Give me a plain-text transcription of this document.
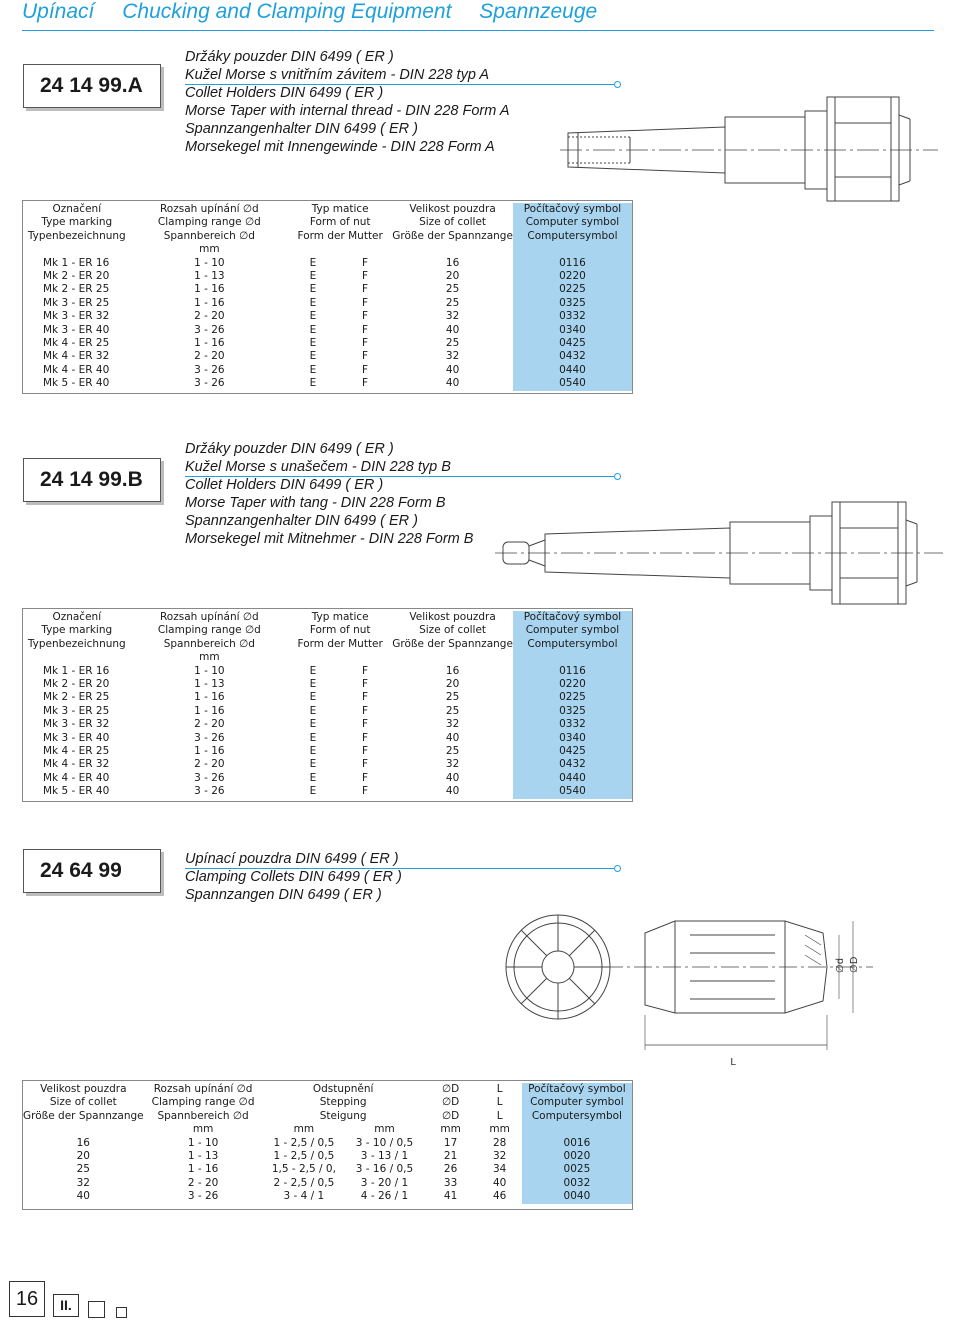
Upínací Chucking and Clamping Equipment Spannzeuge
24 14 99.A
Držáky pouzder DIN 6499 ( ER )
Kužel Morse s vnitřním závitem - DIN 228 typ A
Collet Holders DIN 6499 ( ER )
Morse Taper with internal thread - DIN 228 Form A
Spannzangenhalter DIN 6499 ( ER )
Morsekegel mit Innengewinde - DIN 228 Form A
Označení	Rozsah upínání ∅d	Typ matice		Velikost pouzdra	Počítačový symbol
Type marking	Clamping range ∅d	Form of nut		Size of collet	Computer symbol
Typenbezeichnung	Spannbereich ∅d	Form der Mutter		Größe der Spannzange	Computersymbol
	mm				
Mk 1 - ER 16	1 - 10	E	F	16	0116
Mk 2 - ER 20	1 - 13	E	F	20	0220
Mk 2 - ER 25	1 - 16	E	F	25	0225
Mk 3 - ER 25	1 - 16	E	F	25	0325
Mk 3 - ER 32	2 - 20	E	F	32	0332
Mk 3 - ER 40	3 - 26	E	F	40	0340
Mk 4 - ER 25	1 - 16	E	F	25	0425
Mk 4 - ER 32	2 - 20	E	F	32	0432
Mk 4 - ER 40	3 - 26	E	F	40	0440
Mk 5 - ER 40	3 - 26	E	F	40	0540
24 14 99.B
Držáky pouzder DIN 6499 ( ER )
Kužel Morse s unašečem - DIN 228 typ B
Collet Holders DIN 6499 ( ER )
Morse Taper with tang - DIN 228 Form B
Spannzangenhalter DIN 6499 ( ER )
Morsekegel mit Mitnehmer - DIN 228 Form B
Označení	Rozsah upínání ∅d	Typ matice		Velikost pouzdra	Počítačový symbol
Type marking	Clamping range ∅d	Form of nut		Size of collet	Computer symbol
Typenbezeichnung	Spannbereich ∅d	Form der Mutter		Größe der Spannzange	Computersymbol
	mm				
Mk 1 - ER 16	1 - 10	E	F	16	0116
Mk 2 - ER 20	1 - 13	E	F	20	0220
Mk 2 - ER 25	1 - 16	E	F	25	0225
Mk 3 - ER 25	1 - 16	E	F	25	0325
Mk 3 - ER 32	2 - 20	E	F	32	0332
Mk 3 - ER 40	3 - 26	E	F	40	0340
Mk 4 - ER 25	1 - 16	E	F	25	0425
Mk 4 - ER 32	2 - 20	E	F	32	0432
Mk 4 - ER 40	3 - 26	E	F	40	0440
Mk 5 - ER 40	3 - 26	E	F	40	0540
24 64 99	Upínací pouzdra DIN 6499 ( ER )
Clamping Collets DIN 6499 ( ER )
Spannzangen DIN 6499 ( ER )
L
∅d ∅D
Velikost pouzdra	Rozsah upínání ∅d	Odstupnění		∅D	L	Počítačový symbol
Size of collet	Clamping range ∅d	Stepping		∅D	L	Computer symbol
Größe der Spannzange	Spannbereich ∅d	Steigung		∅D	L	Computersymbol
	mm	mm	mm	mm	mm	
16	1 - 10	1 - 2,5 / 0,5	3 - 10 / 0,5	17	28	0016
20	1 - 13	1 - 2,5 / 0,5	3 - 13 / 1	21	32	0020
25	1 - 16	1,5 - 2,5 / 0,	3 - 16 / 0,5	26	34	0025
32	2 - 20	2 - 2,5 / 0,5	3 - 20 / 1	33	40	0032
40	3 - 26	3 - 4 / 1	4 - 26 / 1	41	46	0040
16	II.
